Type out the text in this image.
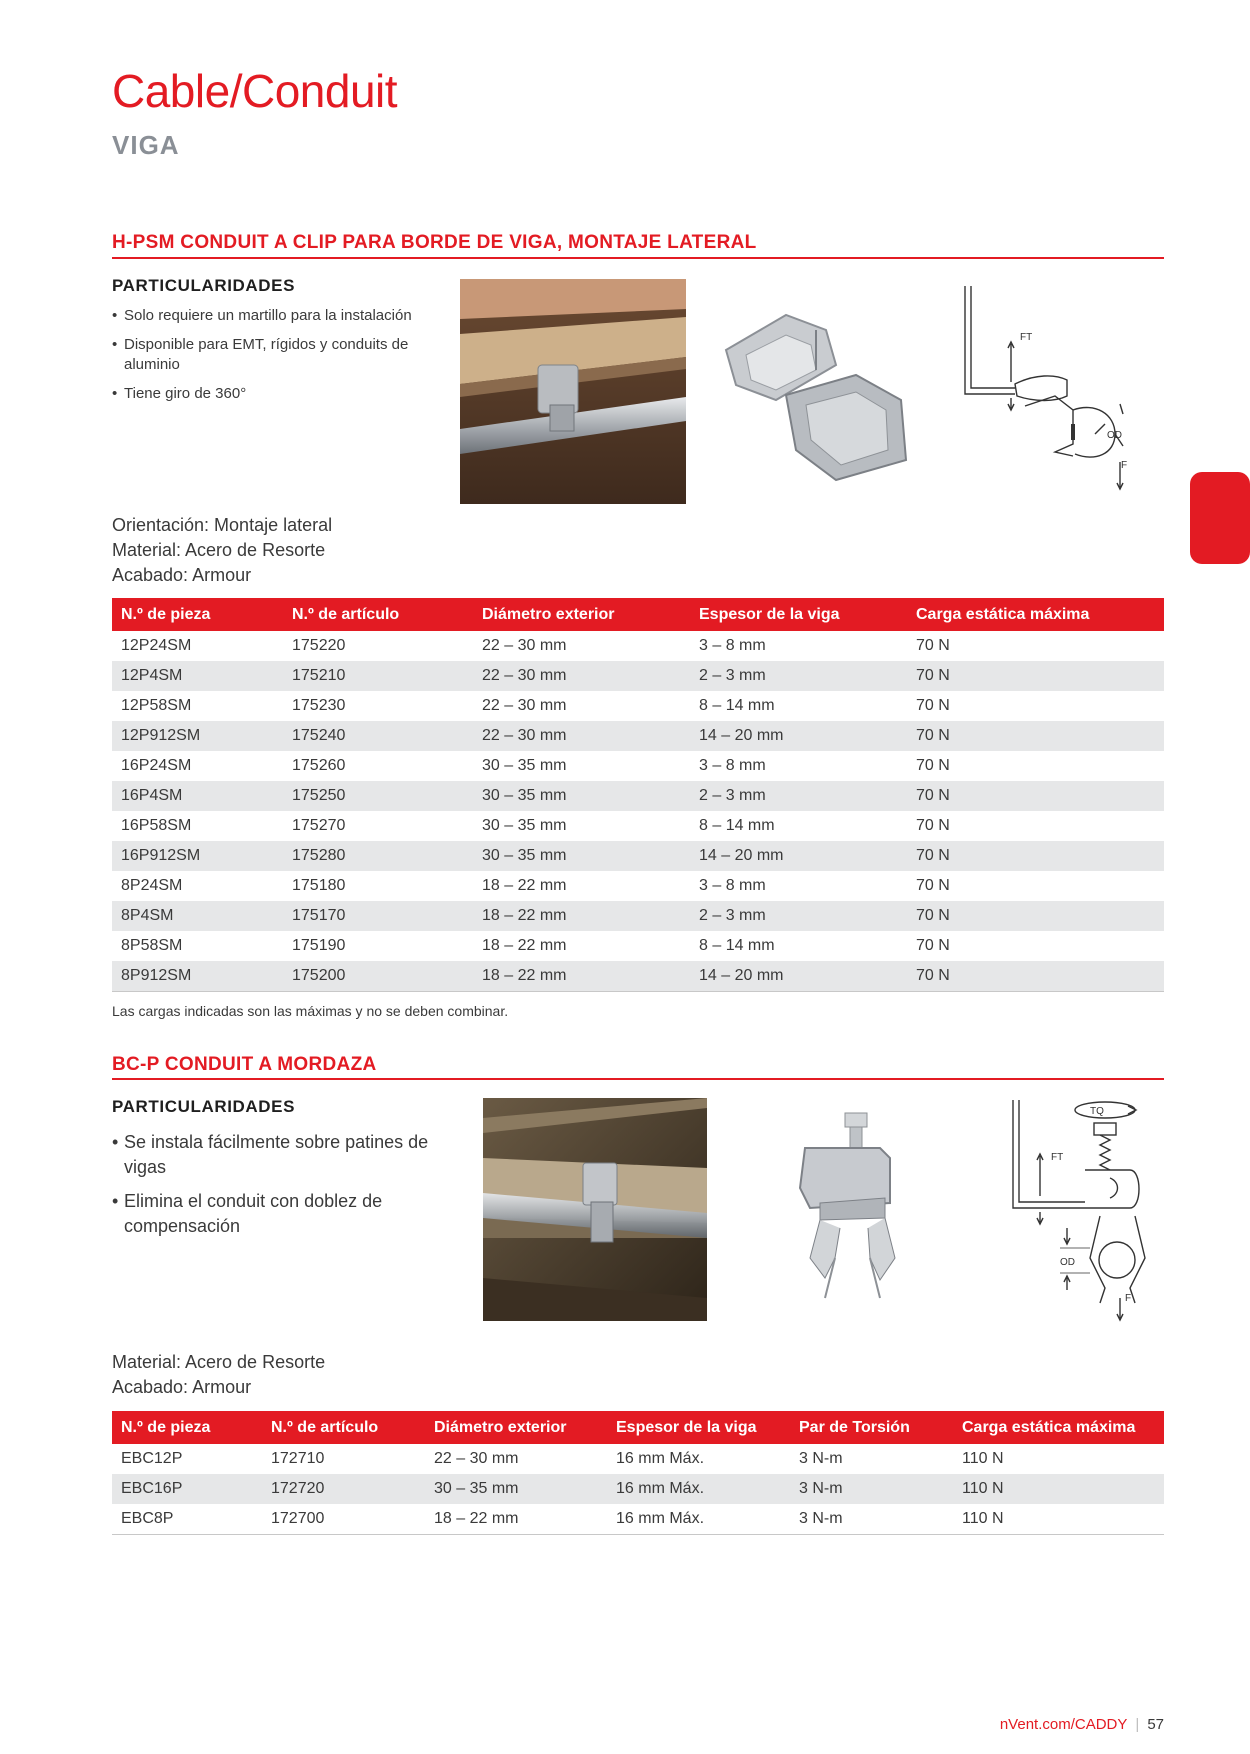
Cable/Conduit
VIGA
H-PSM CONDUIT A CLIP PARA BORDE DE VIGA, MONTAJE LATERAL
PARTICULARIDADES
• Solo requiere un martillo para la instalación
• Disponible para EMT, rígidos y conduits de aluminio
• Tiene giro de 360°
FT
OD
F
Orientación: Montaje lateral
Material: Acero de Resorte
Acabado: Armour
N.º de pieza	N.º de artículo	Diámetro exterior	Espesor de la viga	Carga estática máxima
12P24SM	175220	22 – 30 mm	3 – 8 mm	70 N
12P4SM	175210	22 – 30 mm	2 – 3 mm	70 N
12P58SM	175230	22 – 30 mm	8 – 14 mm	70 N
12P912SM	175240	22 – 30 mm	14 – 20 mm	70 N
16P24SM	175260	30 – 35 mm	3 – 8 mm	70 N
16P4SM	175250	30 – 35 mm	2 – 3 mm	70 N
16P58SM	175270	30 – 35 mm	8 – 14 mm	70 N
16P912SM	175280	30 – 35 mm	14 – 20 mm	70 N
8P24SM	175180	18 – 22 mm	3 – 8 mm	70 N
8P4SM	175170	18 – 22 mm	2 – 3 mm	70 N
8P58SM	175190	18 – 22 mm	8 – 14 mm	70 N
8P912SM	175200	18 – 22 mm	14 – 20 mm	70 N
Las cargas indicadas son las máximas y no se deben combinar.
BC-P CONDUIT A MORDAZA
PARTICULARIDADES
• Se instala fácilmente sobre patines de vigas
• Elimina el conduit con doblez de compensación
TQ
FT
OD
F
Material: Acero de Resorte
Acabado: Armour
N.º de pieza	N.º de artículo	Diámetro exterior	Espesor de la viga	Par de Torsión	Carga estática máxima
EBC12P	172710	22 – 30 mm	16 mm Máx.	3 N-m	110 N
EBC16P	172720	30 – 35 mm	16 mm Máx.	3 N-m	110 N
EBC8P	172700	18 – 22 mm	16 mm Máx.	3 N-m	110 N
nVent.com/CADDY | 57
